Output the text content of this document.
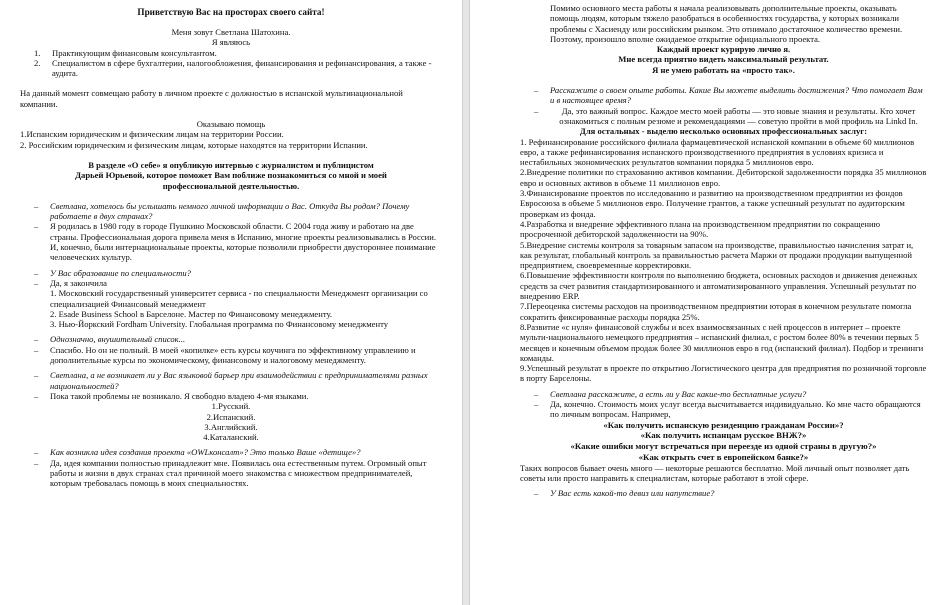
Приветствую Вас на просторах своего сайта!
Меня зовут Светлана Шатохина.
Я являюсь
1.	Практикующим финансовым консультантом.
2.	Специалистом в сфере бухгалтерии, налогообложения, финансирования и рефинансирования, а также - аудита.
На данный момент совмещаю работу в личном проекте с должностью в испанской мультинациональной компании.
Оказываю помощь
1.Испанским юридическим и физическим лицам на территории России.
2. Российским юридическим и физическим лицам, которые находятся на территории Испании.
В разделе «О себе» я опубликую интервью с журналистом и публицистом Дарьей Юрьевой, которое поможет Вам поближе познакомиться со мной и моей профессиональной деятельностью.
–	Светлана, хотелось бы услышать немного личной информации о Вас. Откуда Вы родом? Почему работаете в двух странах?
–	Я родилась в 1980 году в городе Пушкино Московской области. С 2004 года живу и работаю на две страны. Профессиональная дорога привела меня в Испанию, многие проекты реализовывались в России. И, конечно, были интернациональные проекты, которые позволили приобрести двустороннее понимание человеческих культур.
–	У Вас образование по специальности?
–	Да, я закончила
1. Московский государственный университет сервиса - по специальности Менеджмент организации со специализацией Финансовый менеджмент
2. Esade Business School в Барселоне. Мастер по Финансовому менеджменту.
3. Нью-Йоркский Fordham University. Глобальная программа по Финансовому менеджменту
–	Однозначно, внушительный список...
–	Спасибо. Но он не полный. В моей «копилке» есть курсы коучинга по эффективному управлению и дополнительные курсы по экономическому, финансовому и налоговому менеджменту.
–	Светлана, а не возникает ли у Вас языковой барьер при взаимодействии с предпринимателями разных национальностей?
–	Пока такой проблемы не возникало. Я свободно владею 4-мя языками.
1.Русский.
2.Испанский.
3.Английский.
4.Каталанский.
–	Как возникла идея создания проекта «OWLконсалт»? Это только Ваше «детище»?
–	Да, идея компании полностью принадлежит мне. Появилась она естественным путем. Огромный опыт работы и жизни в двух странах стал причиной моего знакомства с множеством предпринимателей, которым требовалась помощь в моих специальностях.
Помимо основного места работы я начала реализовывать дополнительные проекты, оказывать помощь людям, которым тяжело разобраться в особенностях государства, у которых возникали проблемы с Хасиенду или российским рынком. Это отнимало достаточное количество времени. Поэтому, произошло вполне ожидаемое открытие официального проекта.
Каждый проект курирую лично я.
Мне всегда приятно видеть максимальный результат.
Я не умею работать на «просто так».
–	Расскажите о своем опыте работы. Какие Вы можете выделить достижения? Что помогает Вам и в настоящее время?
–	Да, это важный вопрос. Каждое место моей работы — это новые знания и результаты. Кто хочет ознакомиться с полным резюме и рекомендациями — советую пройти в мой профиль на Linkd In.
Для остальных - выделю несколько основных профессиональных заслуг:
1. Рефинансирование российского филиала фармацевтической испанской компании в объеме 60 миллионов евро, а также рефинансирования испанского производственного предприятия в условиях кризиса и нестабильных экономических результатов компании порядка 5 миллионов евро.
2.Внедрение политики по страхованию активов компании. Дебиторской задолженности порядка 35 миллионов евро и основных активов в объеме 11 миллионов евро.
3.Финансирование проектов по исследованию и развитию на производственном предприятии из фондов Евросоюза в объеме 5 миллионов евро. Получение грантов, а также успешный результат по аудиторским проверкам из фонда.
4.Разработка и внедрение эффективного плана на производственном предприятии по сокращению просроченной дебиторской задолженности на 90%.
5.Внедрение системы контроля за товарным запасом на производстве, правильностью начисления затрат и, как результат, глобальный контроль за правильностью расчета Маржи от продажи продукции выпущенной предприятием, своевременные корректировки.
6.Повышение эффективности контроля по выполнению бюджета, основных расходов и движения денежных средств за счет развития стандартизированного и автоматизированного управления. Успешный результат по внедрению ERP.
7.Переоценка системы расходов на производственном предприятии юторая в конечном результате помогла сократить фиксированные расходы порядка 25%.
8.Развитие «с нуля» финансовой службы и всех взаимосвязанных с ней процессов в интернет – проекте мульти-национального немецкого предприятия – испанский филиал, с ростом более 80% в течении первых 5 месяцев и конечным объемом продаж более 30 миллионов евро в год (испанский филиал). Подбор и тренинги команды.
9.Успешный результат в проекте по открытию Логистического центра для предприятия по розничной торговле в порту Барселоны.
–	Светлана расскажите, а есть ли у Вас какие-то бесплатные услуги?
–	Да, конечно. Стоимость моих услуг всегда высчитывается индивидуально. Ко мне часто обращаются по личным вопросам. Например,
«Как получить испанскую резиденцию гражданам России»?
«Как получить испанцам русское ВНЖ?»
«Какие ошибки могут встречаться при переезде из одной страны в другую?»
«Как открыть счет в европейском банке?»
Таких вопросов бывает очень много — некоторые решаются бесплатно. Мой личный опыт позволяет дать советы или просто направить к специалистам, которые работают в этой сфере.
–	У Вас есть какой-то девиз или напутствие?
